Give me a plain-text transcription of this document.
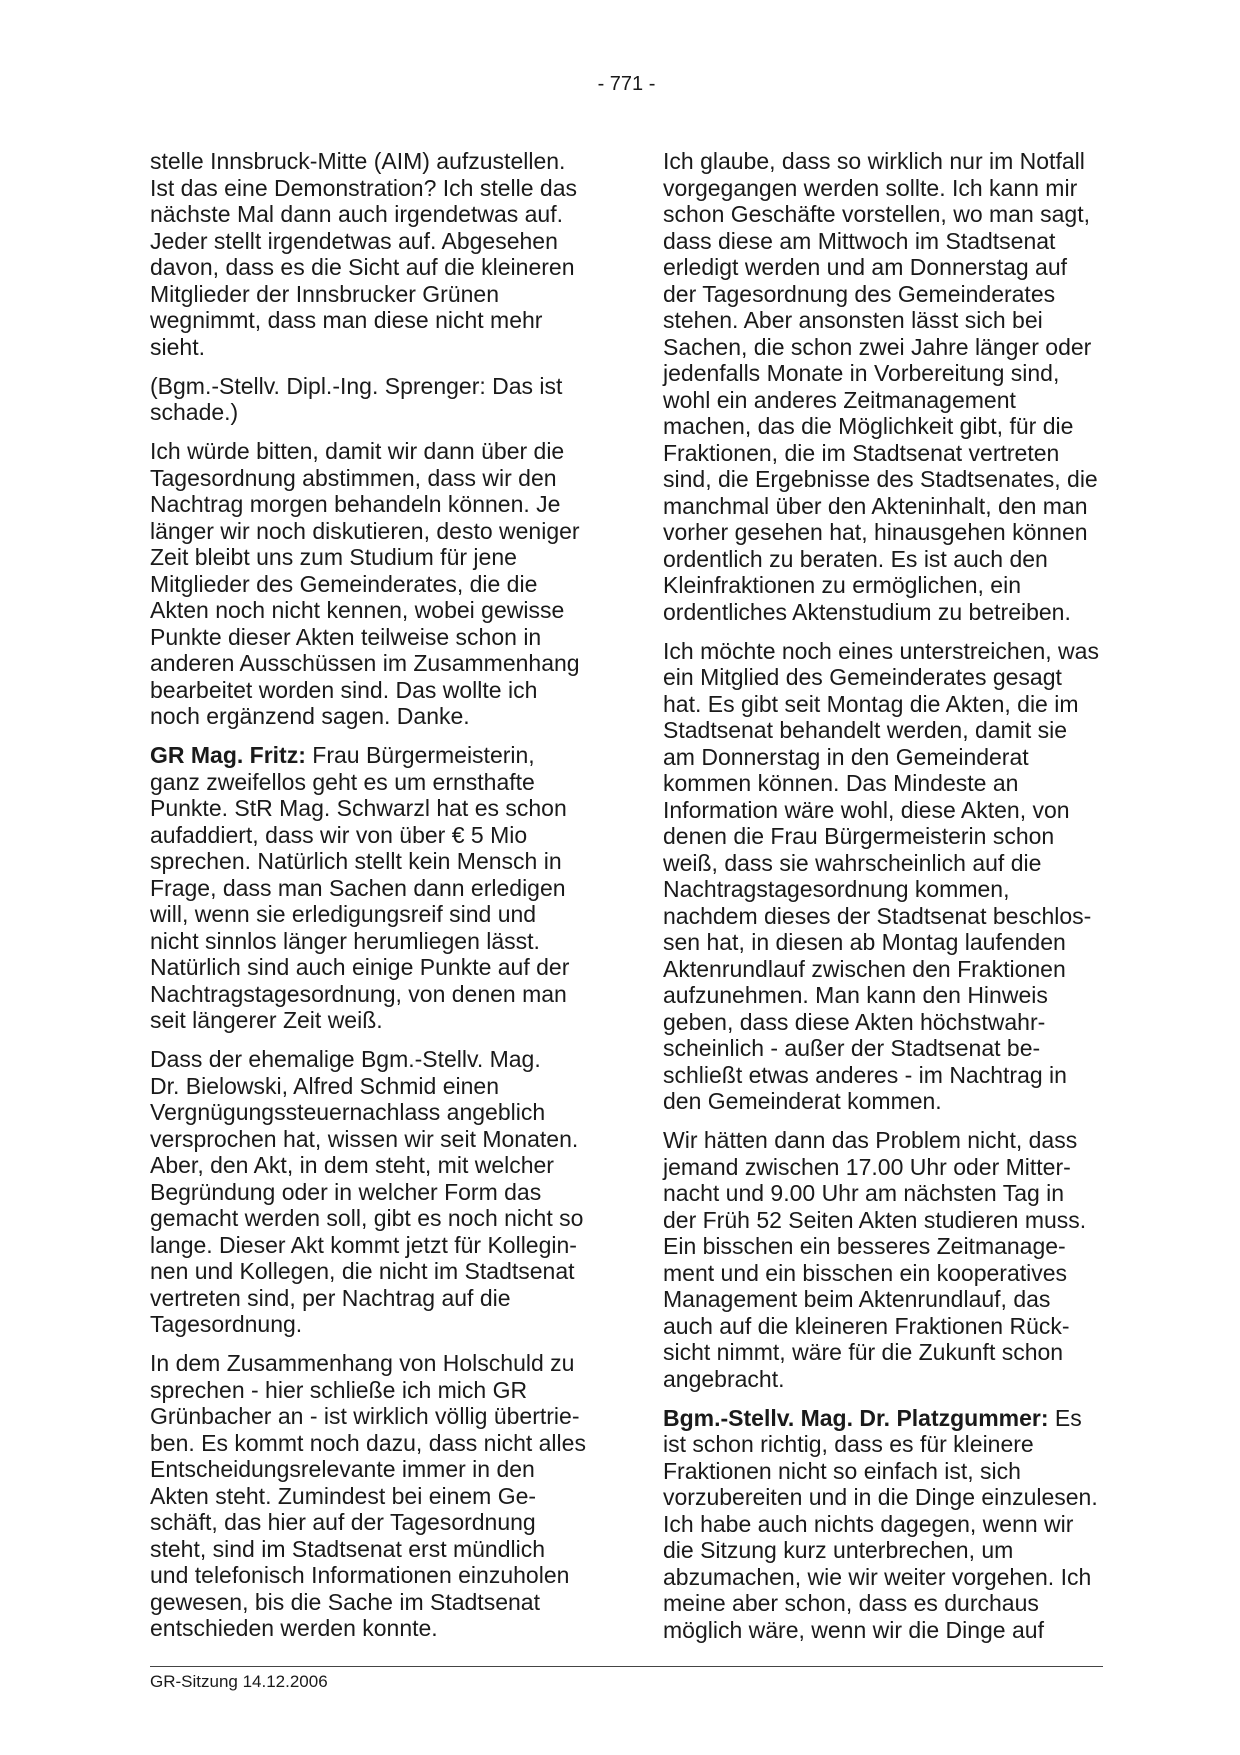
- 771 -
stelle Innsbruck-Mitte (AIM) aufzustellen.
Ist das eine Demonstration? Ich stelle das
nächste Mal dann auch irgendetwas auf.
Jeder stellt irgendetwas auf. Abgesehen
davon, dass es die Sicht auf die kleineren
Mitglieder der Innsbrucker Grünen
wegnimmt, dass man diese nicht mehr
sieht.
(Bgm.-Stellv. Dipl.-Ing. Sprenger: Das ist
schade.)
Ich würde bitten, damit wir dann über die
Tagesordnung abstimmen, dass wir den
Nachtrag morgen behandeln können. Je
länger wir noch diskutieren, desto weniger
Zeit bleibt uns zum Studium für jene
Mitglieder des Gemeinderates, die die
Akten noch nicht kennen, wobei gewisse
Punkte dieser Akten teilweise schon in
anderen Ausschüssen im Zusammenhang
bearbeitet worden sind. Das wollte ich
noch ergänzend sagen. Danke.
GR Mag. Fritz: Frau Bürgermeisterin,
ganz zweifellos geht es um ernsthafte
Punkte. StR Mag. Schwarzl hat es schon
aufaddiert, dass wir von über € 5 Mio
sprechen. Natürlich stellt kein Mensch in
Frage, dass man Sachen dann erledigen
will, wenn sie erledigungsreif sind und
nicht sinnlos länger herumliegen lässt.
Natürlich sind auch einige Punkte auf der
Nachtragstagesordnung, von denen man
seit längerer Zeit weiß.
Dass der ehemalige Bgm.-Stellv. Mag.
Dr. Bielowski, Alfred Schmid einen
Vergnügungssteuernachlass angeblich
versprochen hat, wissen wir seit Monaten.
Aber, den Akt, in dem steht, mit welcher
Begründung oder in welcher Form das
gemacht werden soll, gibt es noch nicht so
lange. Dieser Akt kommt jetzt für Kollegin-
nen und Kollegen, die nicht im Stadtsenat
vertreten sind, per Nachtrag auf die
Tagesordnung.
In dem Zusammenhang von Holschuld zu
sprechen - hier schließe ich mich GR
Grünbacher an - ist wirklich völlig übertrie-
ben. Es kommt noch dazu, dass nicht alles
Entscheidungsrelevante immer in den
Akten steht. Zumindest bei einem Ge-
schäft, das hier auf der Tagesordnung
steht, sind im Stadtsenat erst mündlich
und telefonisch Informationen einzuholen
gewesen, bis die Sache im Stadtsenat
entschieden werden konnte.
Ich glaube, dass so wirklich nur im Notfall
vorgegangen werden sollte. Ich kann mir
schon Geschäfte vorstellen, wo man sagt,
dass diese am Mittwoch im Stadtsenat
erledigt werden und am Donnerstag auf
der Tagesordnung des Gemeinderates
stehen. Aber ansonsten lässt sich bei
Sachen, die schon zwei Jahre länger oder
jedenfalls Monate in Vorbereitung sind,
wohl ein anderes Zeitmanagement
machen, das die Möglichkeit gibt, für die
Fraktionen, die im Stadtsenat vertreten
sind, die Ergebnisse des Stadtsenates, die
manchmal über den Akteninhalt, den man
vorher gesehen hat, hinausgehen können
ordentlich zu beraten. Es ist auch den
Kleinfraktionen zu ermöglichen, ein
ordentliches Aktenstudium zu betreiben.
Ich möchte noch eines unterstreichen, was
ein Mitglied des Gemeinderates gesagt
hat. Es gibt seit Montag die Akten, die im
Stadtsenat behandelt werden, damit sie
am Donnerstag in den Gemeinderat
kommen können. Das Mindeste an
Information wäre wohl, diese Akten, von
denen die Frau Bürgermeisterin schon
weiß, dass sie wahrscheinlich auf die
Nachtragstagesordnung kommen,
nachdem dieses der Stadtsenat beschlos-
sen hat, in diesen ab Montag laufenden
Aktenrundlauf zwischen den Fraktionen
aufzunehmen. Man kann den Hinweis
geben, dass diese Akten höchstwahr-
scheinlich - außer der Stadtsenat be-
schließt etwas anderes - im Nachtrag in
den Gemeinderat kommen.
Wir hätten dann das Problem nicht, dass
jemand zwischen 17.00 Uhr oder Mitter-
nacht und 9.00 Uhr am nächsten Tag in
der Früh 52 Seiten Akten studieren muss.
Ein bisschen ein besseres Zeitmanage-
ment und ein bisschen ein kooperatives
Management beim Aktenrundlauf, das
auch auf die kleineren Fraktionen Rück-
sicht nimmt, wäre für die Zukunft schon
angebracht.
Bgm.-Stellv. Mag. Dr. Platzgummer: Es
ist schon richtig, dass es für kleinere
Fraktionen nicht so einfach ist, sich
vorzubereiten und in die Dinge einzulesen.
Ich habe auch nichts dagegen, wenn wir
die Sitzung kurz unterbrechen, um
abzumachen, wie wir weiter vorgehen. Ich
meine aber schon, dass es durchaus
möglich wäre, wenn wir die Dinge auf
GR-Sitzung 14.12.2006
